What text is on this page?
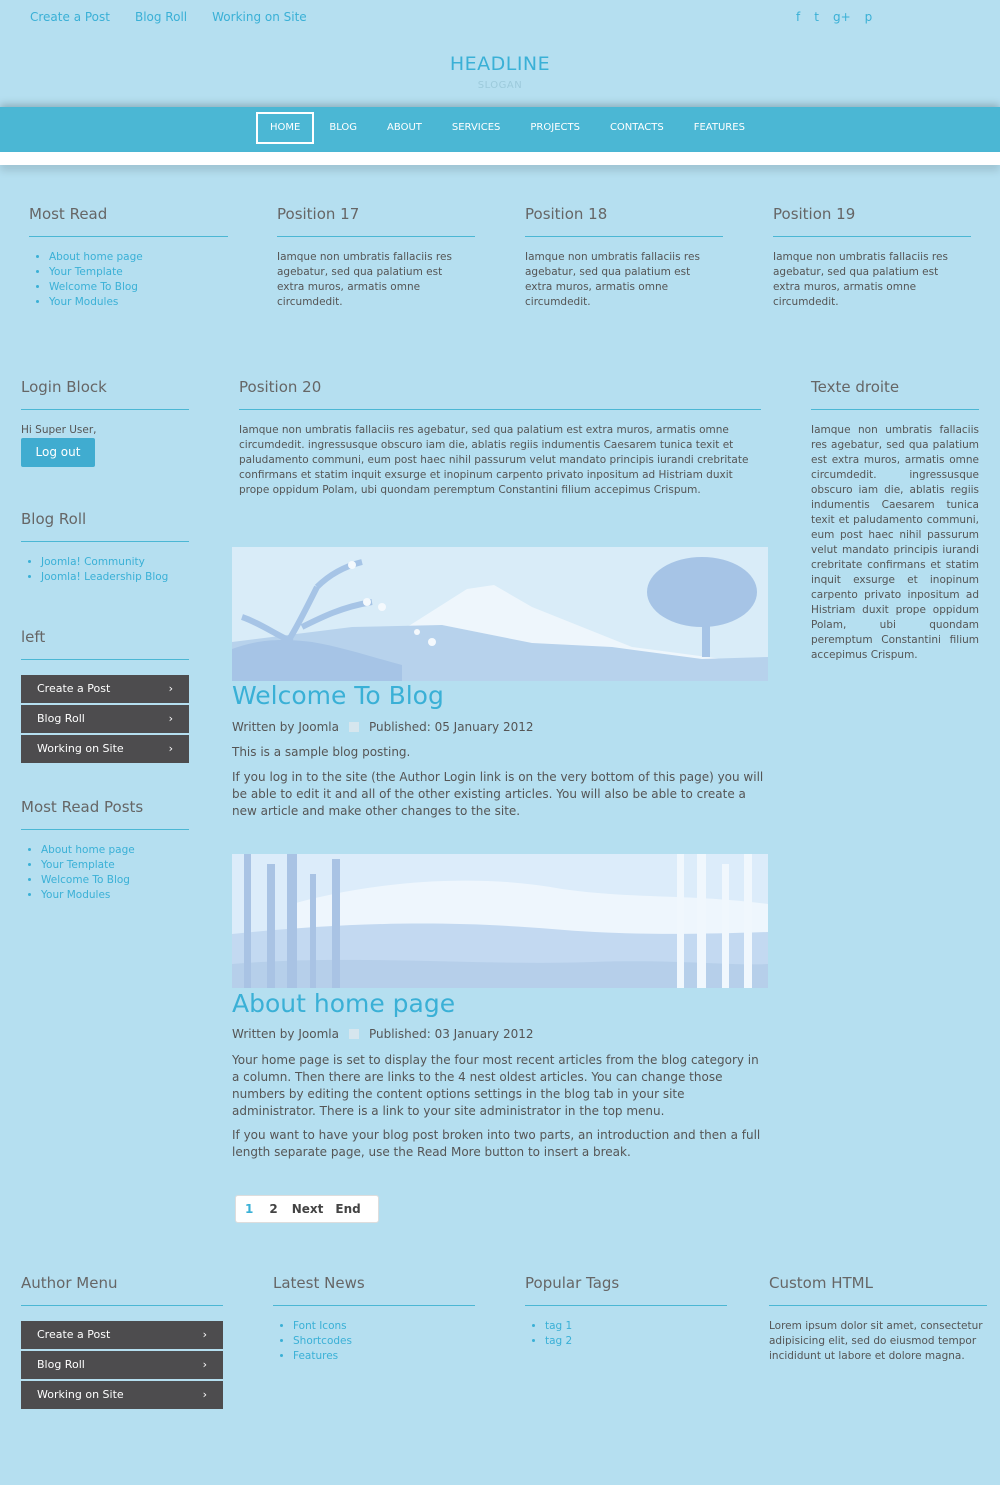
Create a Post Blog Roll Working on Site	f t g+ p
HEADLINE
SLOGAN
HOME	BLOG	ABOUT	SERVICES	PROJECTS	CONTACTS	FEATURES
Most Read
• About home page
• Your Template
• Welcome To Blog
• Your Modules
Position 17
Iamque non umbratis fallaciis res agebatur, sed qua palatium est extra muros, armatis omne circumdedit.
Position 18
Iamque non umbratis fallaciis res agebatur, sed qua palatium est extra muros, armatis omne circumdedit.
Position 19
Iamque non umbratis fallaciis res agebatur, sed qua palatium est extra muros, armatis omne circumdedit.
Login Block
Hi Super User,
Log out
Blog Roll
• Joomla! Community
• Joomla! Leadership Blog
left
Create a Post	›
Blog Roll	›
Working on Site	›
Most Read Posts
• About home page
• Your Template
• Welcome To Blog
• Your Modules
Position 20
Iamque non umbratis fallaciis res agebatur, sed qua palatium est extra muros, armatis omne circumdedit. ingressusque obscuro iam die, ablatis regiis indumentis Caesarem tunica texit et paludamento communi, eum post haec nihil passurum velut mandato principis iurandi crebritate confirmans et statim inquit exsurge et inopinum carpento privato inpositum ad Histriam duxit prope oppidum Polam, ubi quondam peremptum Constantini filium accepimus Crispum.
Welcome To Blog
Written by Joomla	Published: 05 January 2012
This is a sample blog posting.
If you log in to the site (the Author Login link is on the very bottom of this page) you will be able to edit it and all of the other existing articles. You will also be able to create a new article and make other changes to the site.
About home page
Written by Joomla	Published: 03 January 2012
Your home page is set to display the four most recent articles from the blog category in a column. Then there are links to the 4 nest oldest articles. You can change those numbers by editing the content options settings in the blog tab in your site administrator. There is a link to your site administrator in the top menu.
If you want to have your blog post broken into two parts, an introduction and then a full length separate page, use the Read More button to insert a break.
1	2	Next	End
Texte droite
Iamque non umbratis fallaciis res agebatur, sed qua palatium est extra muros, armatis omne circumdedit. ingressusque obscuro iam die, ablatis regiis indumentis Caesarem tunica texit et paludamento communi, eum post haec nihil passurum velut mandato principis iurandi crebritate confirmans et statim inquit exsurge et inopinum carpento privato inpositum ad Histriam duxit prope oppidum Polam, ubi quondam peremptum Constantini filium accepimus Crispum.
Author Menu
Create a Post	›
Blog Roll	›
Working on Site	›
Latest News
• Font Icons
• Shortcodes
• Features
Popular Tags
• tag 1
• tag 2
Custom HTML
Lorem ipsum dolor sit amet, consectetur adipisicing elit, sed do eiusmod tempor incididunt ut labore et dolore magna.
